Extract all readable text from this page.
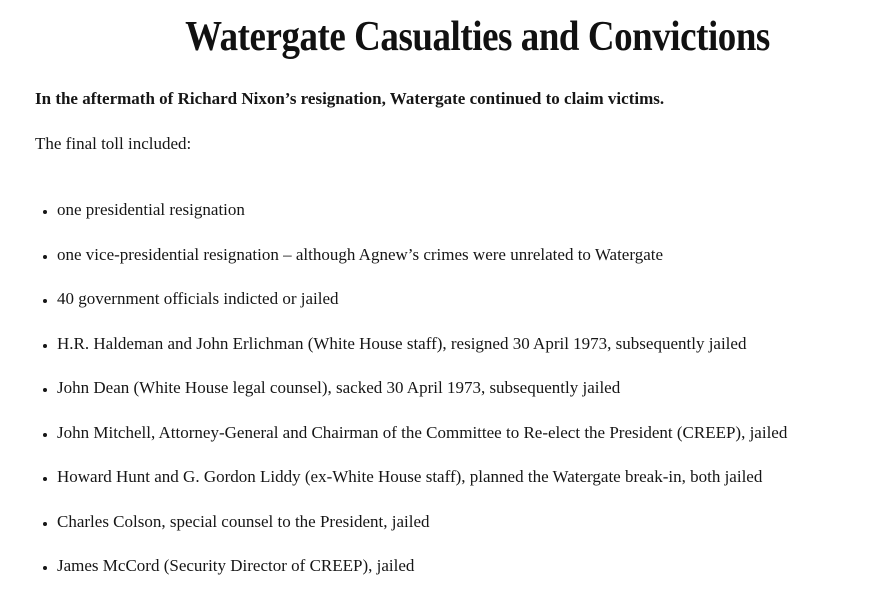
Watergate Casualties and Convictions

In the aftermath of Richard Nixon’s resignation, Watergate continued to claim victims.

The final toll included:

• one presidential resignation
• one vice-presidential resignation – although Agnew’s crimes were unrelated to Watergate
• 40 government officials indicted or jailed
• H.R. Haldeman and John Erlichman (White House staff), resigned 30 April 1973, subsequently jailed
• John Dean (White House legal counsel), sacked 30 April 1973, subsequently jailed
• John Mitchell, Attorney-General and Chairman of the Committee to Re-elect the President (CREEP), jailed
• Howard Hunt and G. Gordon Liddy (ex-White House staff), planned the Watergate break-in, both jailed
• Charles Colson, special counsel to the President, jailed
• James McCord (Security Director of CREEP), jailed
